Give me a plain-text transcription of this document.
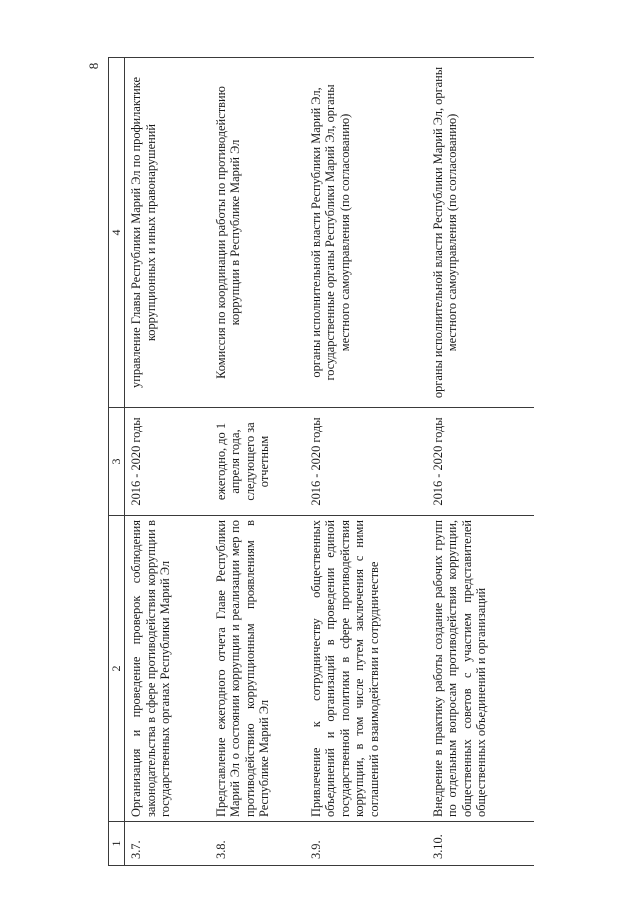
8
1	2	3	4
3.7.	Организация и проведение проверок соблюдения законодательства в сфере противодействия коррупции в государственных органах Республики Марий Эл	2016 - 2020 годы	управление Главы Республики Марий Эл по профилактике коррупционных и иных правонарушений
3.8.	Представление ежегодного отчета Главе Республики Марий Эл о состоянии коррупции и реализации мер по противодействию коррупционным проявлениям в Республике Марий Эл	ежегодно, до 1 апреля года, следующего за отчетным	Комиссия по координации работы по противодействию коррупции в Республике Марий Эл
3.9.	Привлечение к сотрудничеству общественных объединений и организаций в проведении единой государственной политики в сфере противодействия коррупции, в том числе путем заключения с ними соглашений о взаимодействии и сотрудничестве	2016 - 2020 годы	органы исполнительной власти Республики Марий Эл, государственные органы Республики Марий Эл, органы местного самоуправления (по согласованию)
3.10.	Внедрение в практику работы создание рабочих групп по отдельным вопросам противодействия коррупции, общественных советов с участием представителей общественных объединений и организаций	2016 - 2020 годы	органы исполнительной власти Республики Марий Эл, органы местного самоуправления (по согласованию)
